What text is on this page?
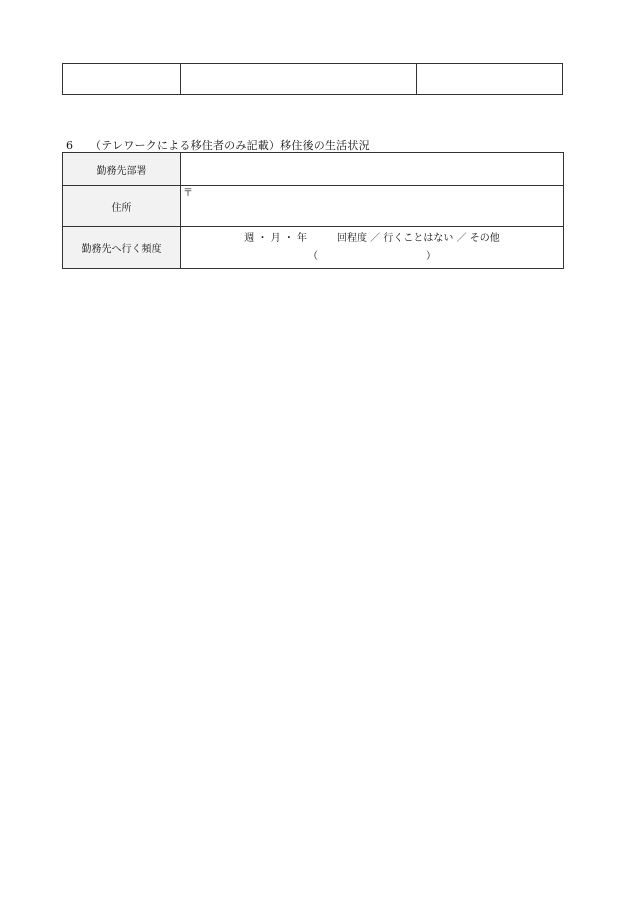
6 （テレワークによる移住者のみ記載）移住後の生活状況
勤務先部署	
住所	〒

勤務先へ行く頻度	週 ・ 月 ・ 年　　　回程度 ／ 行くことはない ／ その他
（ ）
